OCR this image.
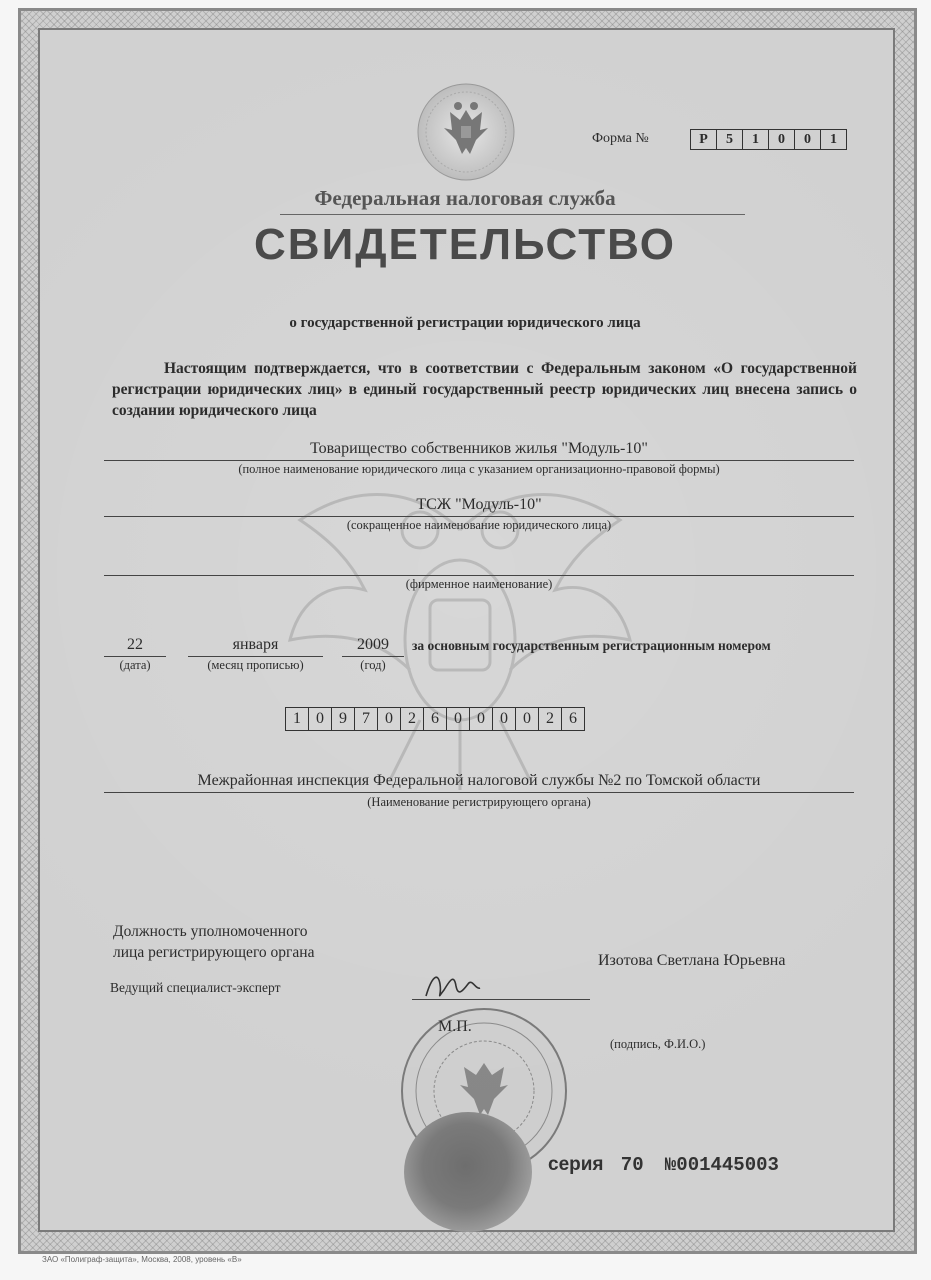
Форма №	Р	5	1	0	0	1
Федеральная налоговая служба
СВИДЕТЕЛЬСТВО
о государственной регистрации юридического лица
Настоящим подтверждается, что в соответствии с Федеральным законом «О государственной регистрации юридических лиц» в единый государственный реестр юридических лиц внесена запись о создании юридического лица
Товарищество собственников жилья "Модуль-10"
(полное наименование юридического лица с указанием организационно-правовой формы)
ТСЖ "Модуль-10"
(сокращенное наименование юридического лица)
(фирменное наименование)
22
(дата)
января
(месяц прописью)
2009
(год)
за основным государственным регистрационным номером
1 0 9 7 0 2 6 0 0 0 0 2 6
Межрайонная инспекция Федеральной налоговой службы №2 по Томской области
(Наименование регистрирующего органа)
Должность уполномоченного
лица регистрирующего органа
Ведущий специалист-эксперт
Изотова Светлана Юрьевна
(подпись, Ф.И.О.)
М.П.
серия 70 №001445003
ЗАО «Полиграф-защита», Москва, 2008, уровень «В»
